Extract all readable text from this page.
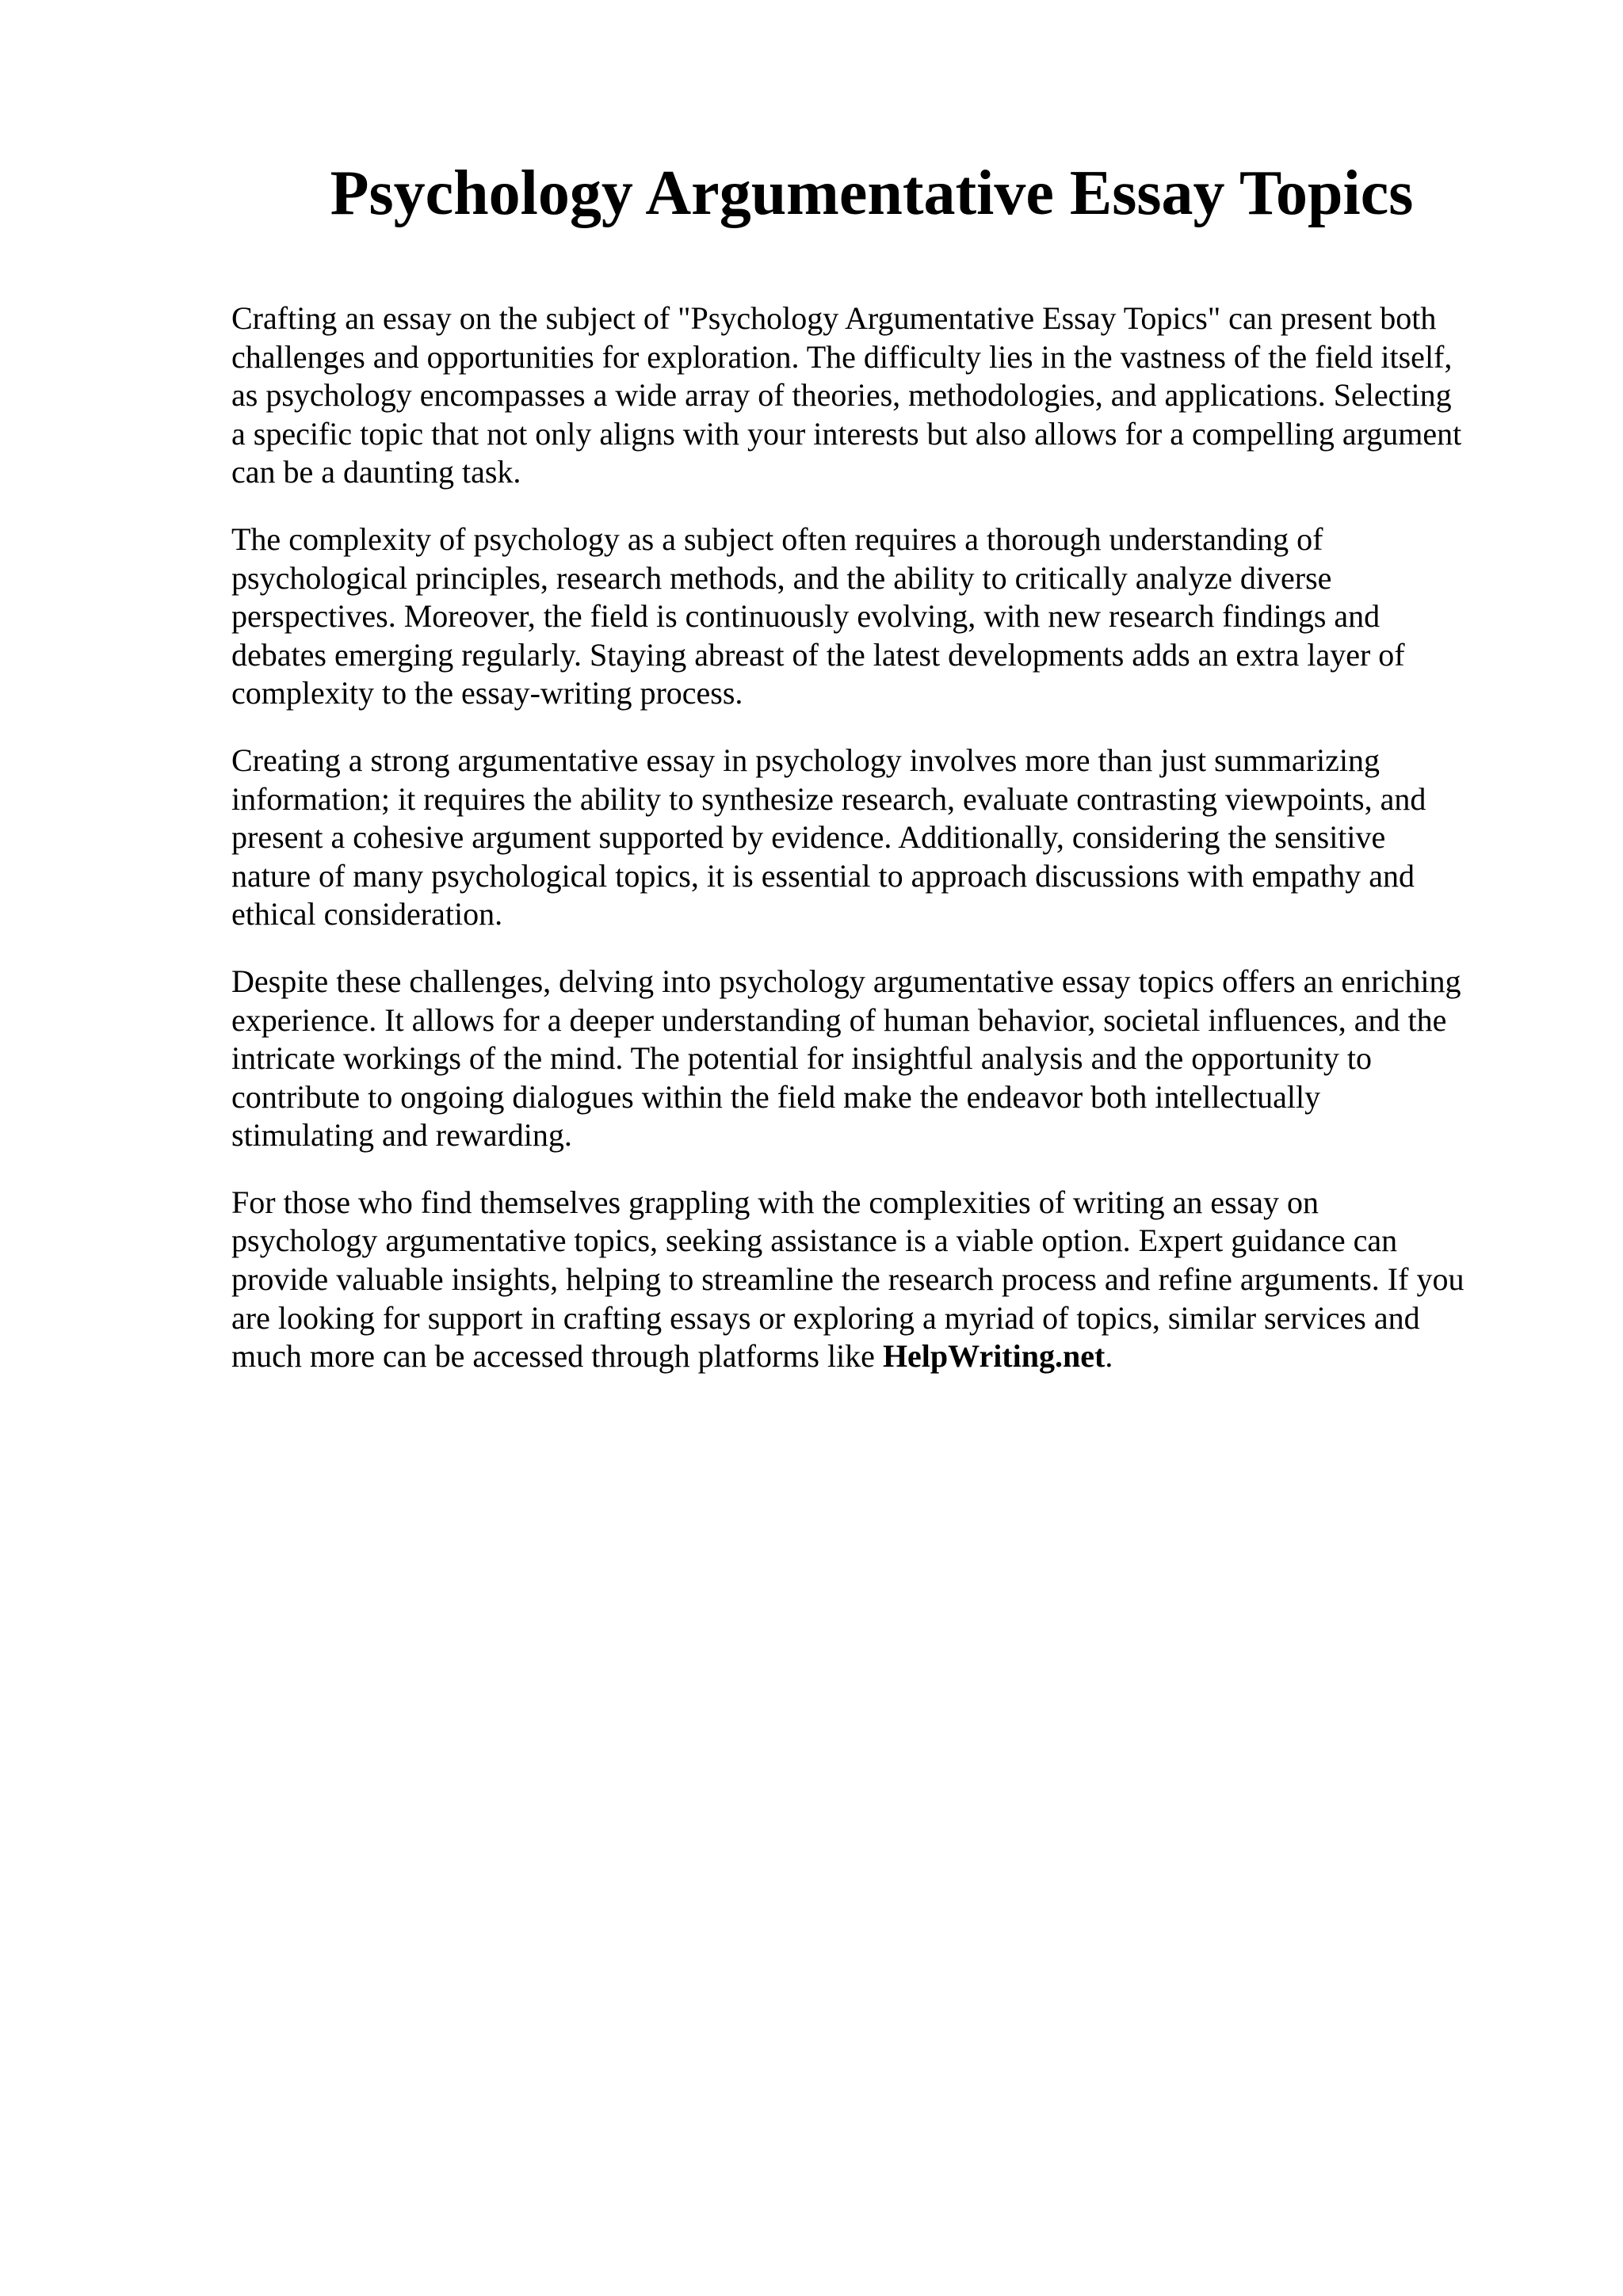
Psychology Argumentative Essay Topics

Crafting an essay on the subject of "Psychology Argumentative Essay Topics" can present both
challenges and opportunities for exploration. The difficulty lies in the vastness of the field itself,
as psychology encompasses a wide array of theories, methodologies, and applications. Selecting
a specific topic that not only aligns with your interests but also allows for a compelling argument
can be a daunting task.

The complexity of psychology as a subject often requires a thorough understanding of
psychological principles, research methods, and the ability to critically analyze diverse
perspectives. Moreover, the field is continuously evolving, with new research findings and
debates emerging regularly. Staying abreast of the latest developments adds an extra layer of
complexity to the essay-writing process.

Creating a strong argumentative essay in psychology involves more than just summarizing
information; it requires the ability to synthesize research, evaluate contrasting viewpoints, and
present a cohesive argument supported by evidence. Additionally, considering the sensitive
nature of many psychological topics, it is essential to approach discussions with empathy and
ethical consideration.

Despite these challenges, delving into psychology argumentative essay topics offers an enriching
experience. It allows for a deeper understanding of human behavior, societal influences, and the
intricate workings of the mind. The potential for insightful analysis and the opportunity to
contribute to ongoing dialogues within the field make the endeavor both intellectually
stimulating and rewarding.

For those who find themselves grappling with the complexities of writing an essay on
psychology argumentative topics, seeking assistance is a viable option. Expert guidance can
provide valuable insights, helping to streamline the research process and refine arguments. If you
are looking for support in crafting essays or exploring a myriad of topics, similar services and
much more can be accessed through platforms like HelpWriting.net.
